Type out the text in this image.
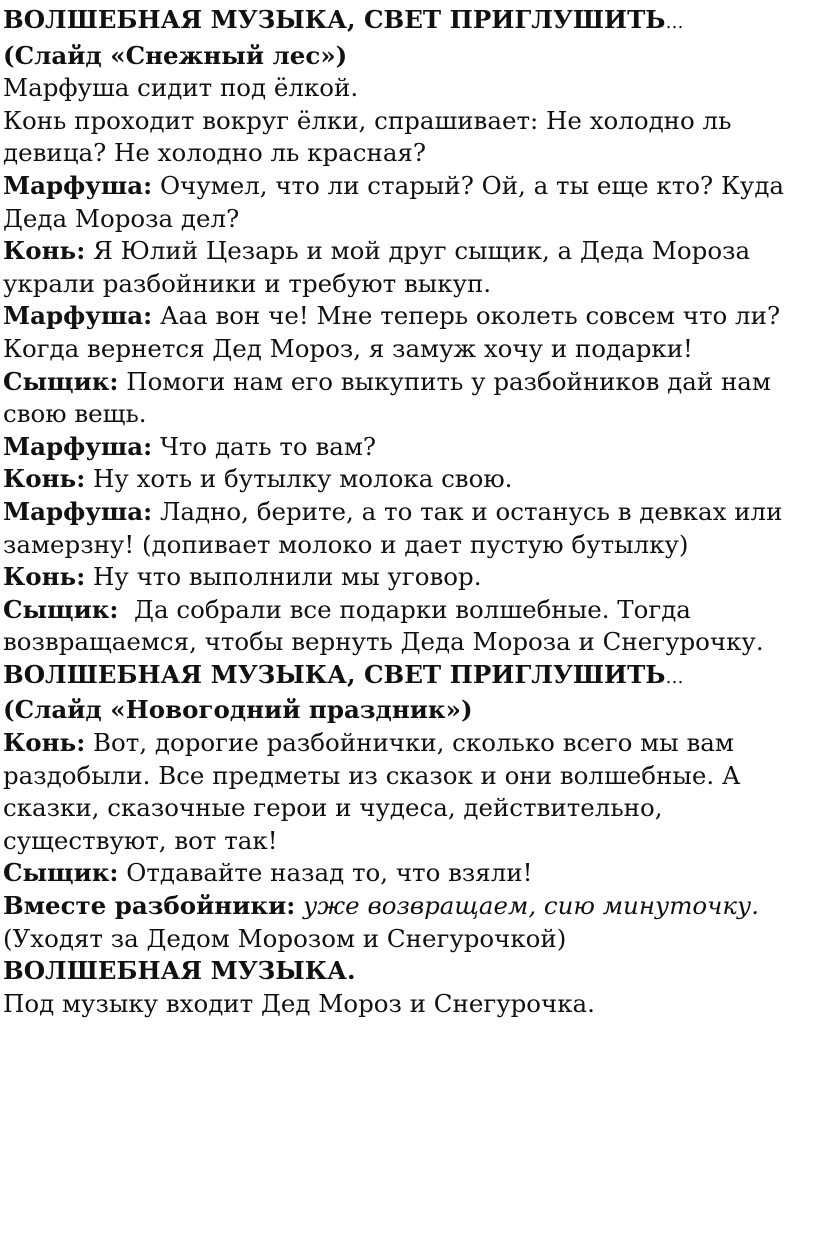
ВОЛШЕБНАЯ МУЗЫКА, СВЕТ ПРИГЛУШИТЬ…
(Слайд «Снежный лес»)
Марфуша сидит под ёлкой.
Конь проходит вокруг ёлки, спрашивает: Не холодно ль девица? Не холодно ль красная?
Марфуша: Очумел, что ли старый? Ой, а ты еще кто? Куда Деда Мороза дел?
Конь: Я Юлий Цезарь и мой друг сыщик, а Деда Мороза украли разбойники и требуют выкуп.
Марфуша: Ааа вон че! Мне теперь околеть совсем что ли? Когда вернется Дед Мороз, я замуж хочу и подарки!
Сыщик: Помоги нам его выкупить у разбойников дай нам свою вещь.
Марфуша: Что дать то вам?
Конь: Ну хоть и бутылку молока свою.
Марфуша: Ладно, берите, а то так и останусь в девках или замерзну! (допивает молоко и дает пустую бутылку)
Конь: Ну что выполнили мы уговор.
Сыщик:  Да собрали все подарки волшебные. Тогда возвращаемся, чтобы вернуть Деда Мороза и Снегурочку.
ВОЛШЕБНАЯ МУЗЫКА, СВЕТ ПРИГЛУШИТЬ…
(Слайд «Новогодний праздник»)
Конь: Вот, дорогие разбойнички, сколько всего мы вам раздобыли. Все предметы из сказок и они волшебные. А сказки, сказочные герои и чудеса, действительно, существуют, вот так!
Сыщик: Отдавайте назад то, что взяли!
Вместе разбойники: уже возвращаем, сию минуточку.
(Уходят за Дедом Морозом и Снегурочкой)
ВОЛШЕБНАЯ МУЗЫКА.
Под музыку входит Дед Мороз и Снегурочка.
